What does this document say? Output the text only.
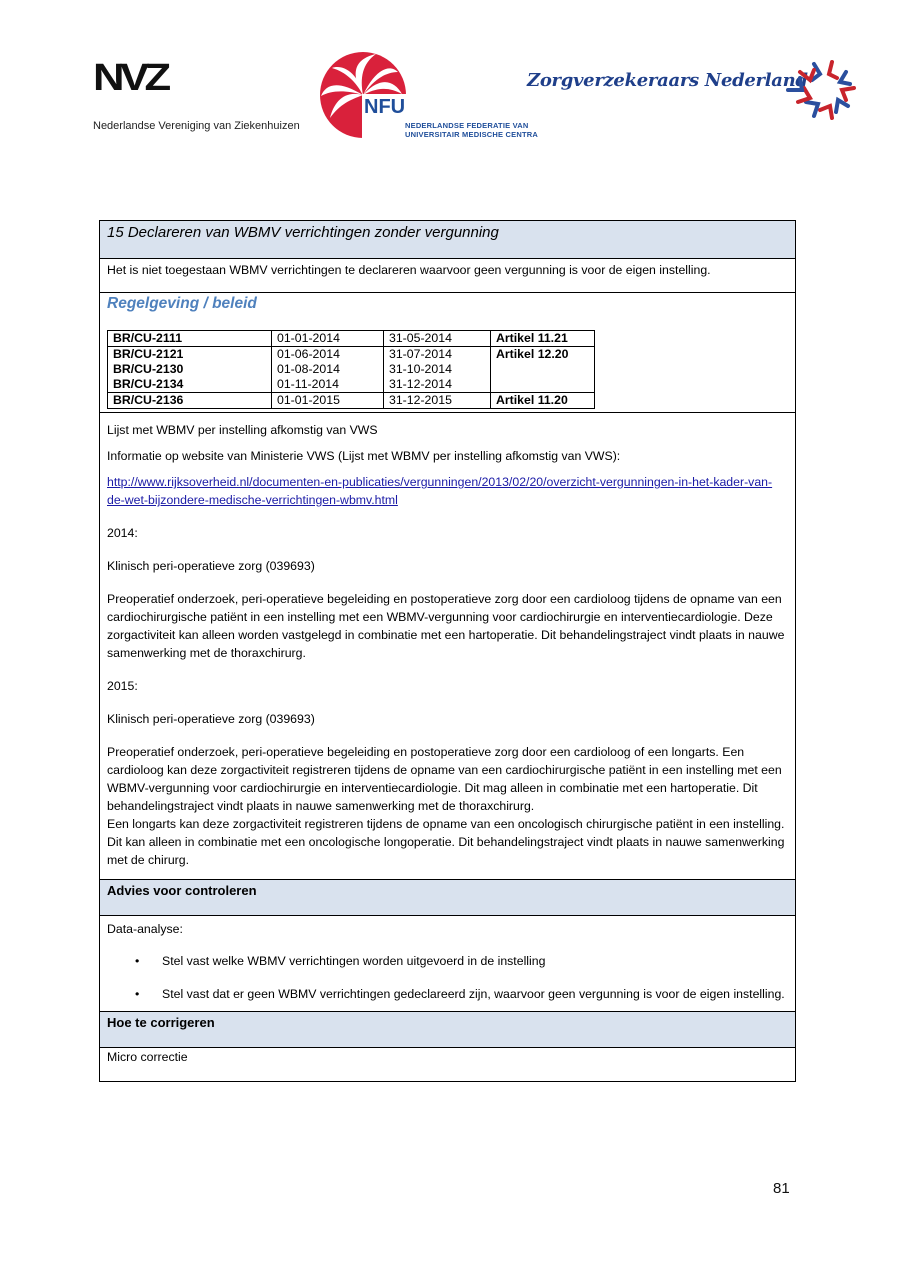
NVZ
Nederlandse Vereniging van Ziekenhuizen
NFU
NEDERLANDSE FEDERATIE VAN
UNIVERSITAIR MEDISCHE CENTRA
Zorgverzekeraars Nederland
15 Declareren van WBMV verrichtingen zonder vergunning
Het is niet toegestaan WBMV verrichtingen te declareren waarvoor geen vergunning is voor de eigen instelling.
Regelgeving / beleid
BR/CU-2111	01-01-2014	31-05-2014	Artikel 11.21
BR/CU-2121	01-06-2014	31-07-2014	Artikel 12.20
BR/CU-2130	01-08-2014	31-10-2014	
BR/CU-2134	01-11-2014	31-12-2014	
BR/CU-2136	01-01-2015	31-12-2015	Artikel 11.20

Lijst met WBMV per instelling afkomstig van VWS

Informatie op website van Ministerie VWS (Lijst met WBMV per instelling afkomstig van VWS):

http://www.rijksoverheid.nl/documenten-en-publicaties/vergunningen/2013/02/20/overzicht-vergunningen-in-het-kader-van-de-wet-bijzondere-medische-verrichtingen-wbmv.html

2014:

Klinisch peri-operatieve zorg (039693)

Preoperatief onderzoek, peri-operatieve begeleiding en postoperatieve zorg door een cardioloog tijdens de opname van een cardiochirurgische patiënt in een instelling met een WBMV-vergunning voor cardiochirurgie en interventiecardiologie. Deze zorgactiviteit kan alleen worden vastgelegd in combinatie met een hartoperatie. Dit behandelingstraject vindt plaats in nauwe samenwerking met de thoraxchirurg.

2015:

Klinisch peri-operatieve zorg (039693)

Preoperatief onderzoek, peri-operatieve begeleiding en postoperatieve zorg door een cardioloog of een longarts. Een cardioloog kan deze zorgactiviteit registreren tijdens de opname van een cardiochirurgische patiënt in een instelling met een WBMV-vergunning voor cardiochirurgie en interventiecardiologie. Dit mag alleen in combinatie met een hartoperatie. Dit behandelingstraject vindt plaats in nauwe samenwerking met de thoraxchirurg.

Een longarts kan deze zorgactiviteit registreren tijdens de opname van een oncologisch chirurgische patiënt in een instelling. Dit kan alleen in combinatie met een oncologische longoperatie. Dit behandelingstraject vindt plaats in nauwe samenwerking met de chirurg.

Advies voor controleren
Data-analyse:
• Stel vast welke WBMV verrichtingen worden uitgevoerd in de instelling
• Stel vast dat er geen WBMV verrichtingen gedeclareerd zijn, waarvoor geen vergunning is voor de eigen instelling.
Hoe te corrigeren
Micro correctie
81
